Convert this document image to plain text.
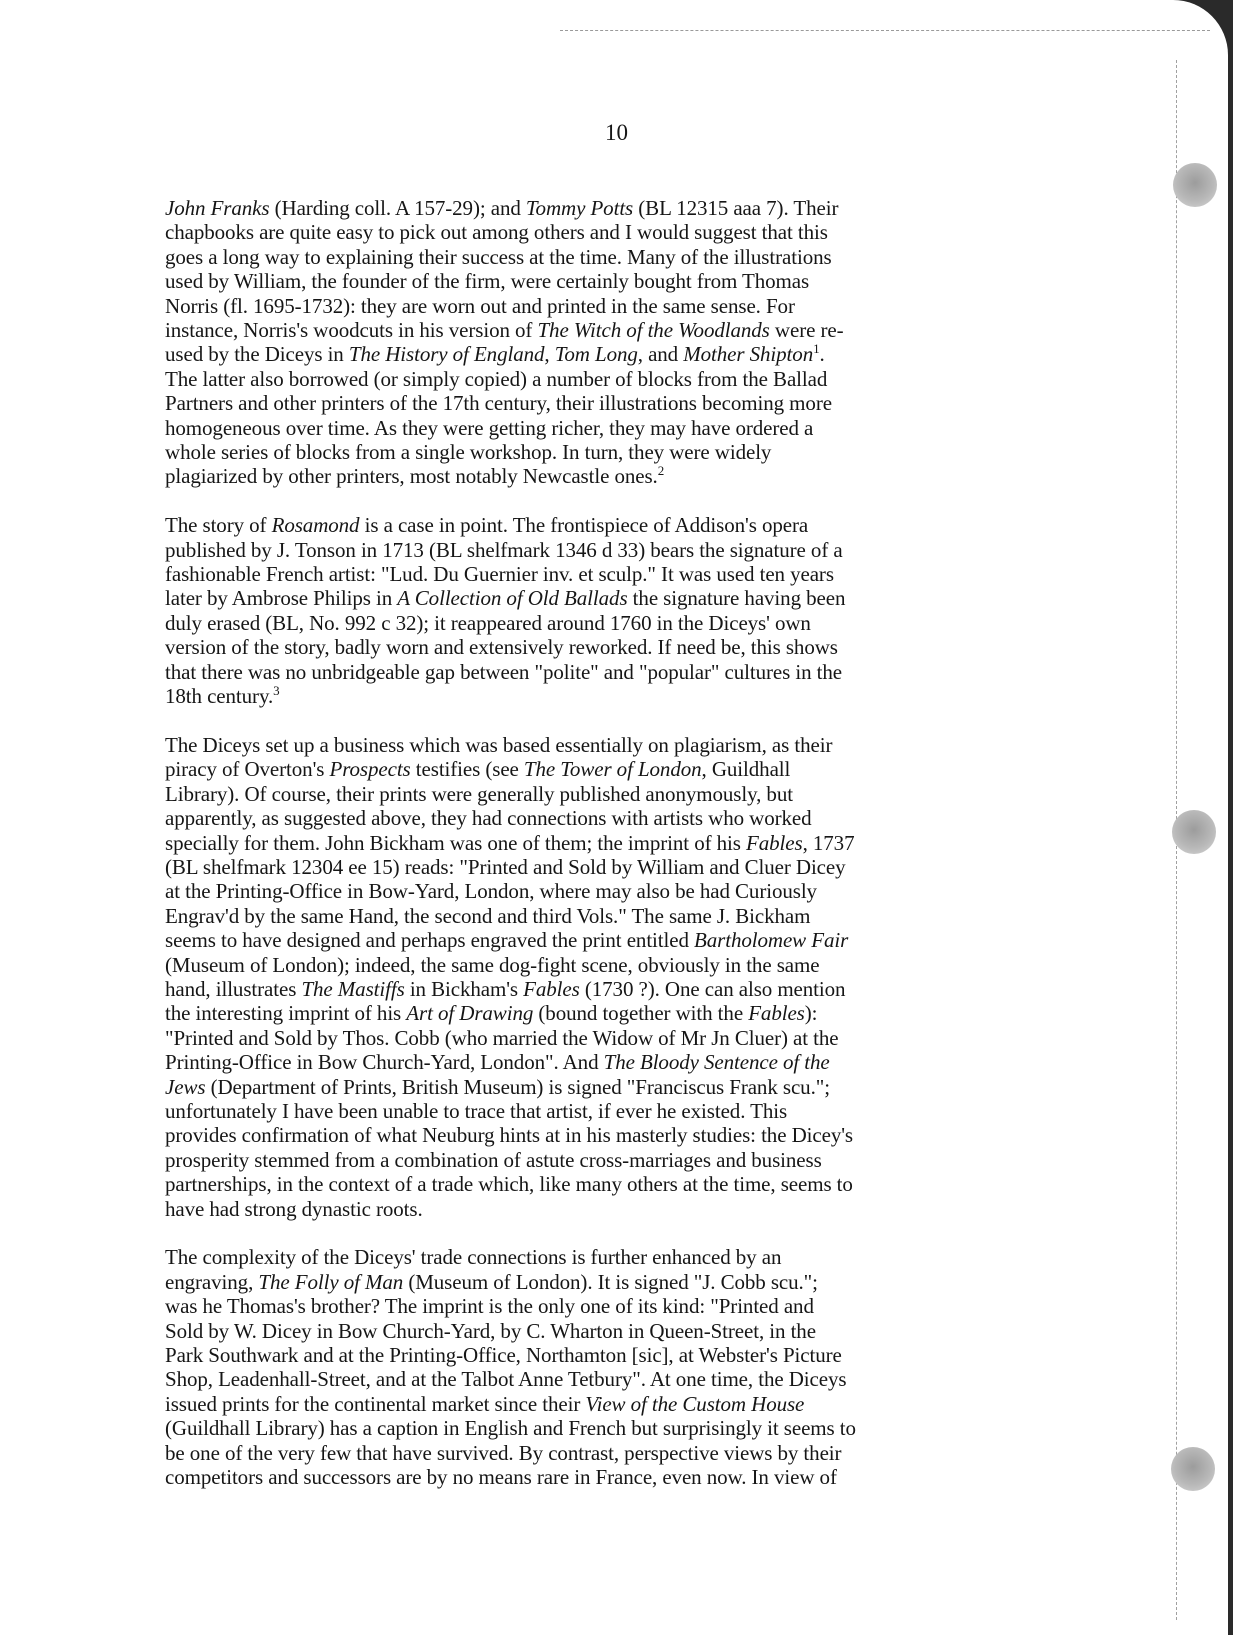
10

John Franks (Harding coll. A 157-29); and Tommy Potts (BL 12315 aaa 7). Their
chapbooks are quite easy to pick out among others and I would suggest that this
goes a long way to explaining their success at the time. Many of the illustrations
used by William, the founder of the firm, were certainly bought from Thomas
Norris (fl. 1695-1732): they are worn out and printed in the same sense. For
instance, Norris's woodcuts in his version of The Witch of the Woodlands were re-
used by the Diceys in The History of England, Tom Long, and Mother Shipton$^1$.
The latter also borrowed (or simply copied) a number of blocks from the Ballad
Partners and other printers of the 17th century, their illustrations becoming more
homogeneous over time. As they were getting richer, they may have ordered a
whole series of blocks from a single workshop. In turn, they were widely
plagiarized by other printers, most notably Newcastle ones.$^2$

The story of Rosamond is a case in point. The frontispiece of Addison's opera
published by J. Tonson in 1713 (BL shelfmark 1346 d 33) bears the signature of a
fashionable French artist: "Lud. Du Guernier inv. et sculp." It was used ten years
later by Ambrose Philips in A Collection of Old Ballads the signature having been
duly erased (BL, No. 992 c 32); it reappeared around 1760 in the Diceys' own
version of the story, badly worn and extensively reworked. If need be, this shows
that there was no unbridgeable gap between "polite" and "popular" cultures in the
18th century.$^3$

The Diceys set up a business which was based essentially on plagiarism, as their
piracy of Overton's Prospects testifies (see The Tower of London, Guildhall
Library). Of course, their prints were generally published anonymously, but
apparently, as suggested above, they had connections with artists who worked
specially for them. John Bickham was one of them; the imprint of his Fables, 1737
(BL shelfmark 12304 ee 15) reads: "Printed and Sold by William and Cluer Dicey
at the Printing-Office in Bow-Yard, London, where may also be had Curiously
Engrav'd by the same Hand, the second and third Vols." The same J. Bickham
seems to have designed and perhaps engraved the print entitled Bartholomew Fair
(Museum of London); indeed, the same dog-fight scene, obviously in the same
hand, illustrates The Mastiffs in Bickham's Fables (1730 ?). One can also mention
the interesting imprint of his Art of Drawing (bound together with the Fables):
"Printed and Sold by Thos. Cobb (who married the Widow of Mr Jn Cluer) at the
Printing-Office in Bow Church-Yard, London". And The Bloody Sentence of the
Jews (Department of Prints, British Museum) is signed "Franciscus Frank scu.";
unfortunately I have been unable to trace that artist, if ever he existed. This
provides confirmation of what Neuburg hints at in his masterly studies: the Dicey's
prosperity stemmed from a combination of astute cross-marriages and business
partnerships, in the context of a trade which, like many others at the time, seems to
have had strong dynastic roots.

The complexity of the Diceys' trade connections is further enhanced by an
engraving, The Folly of Man (Museum of London). It is signed "J. Cobb scu.";
was he Thomas's brother? The imprint is the only one of its kind: "Printed and
Sold by W. Dicey in Bow Church-Yard, by C. Wharton in Queen-Street, in the
Park Southwark and at the Printing-Office, Northamton [sic], at Webster's Picture
Shop, Leadenhall-Street, and at the Talbot Anne Tetbury". At one time, the Diceys
issued prints for the continental market since their View of the Custom House
(Guildhall Library) has a caption in English and French but surprisingly it seems to
be one of the very few that have survived. By contrast, perspective views by their
competitors and successors are by no means rare in France, even now. In view of
